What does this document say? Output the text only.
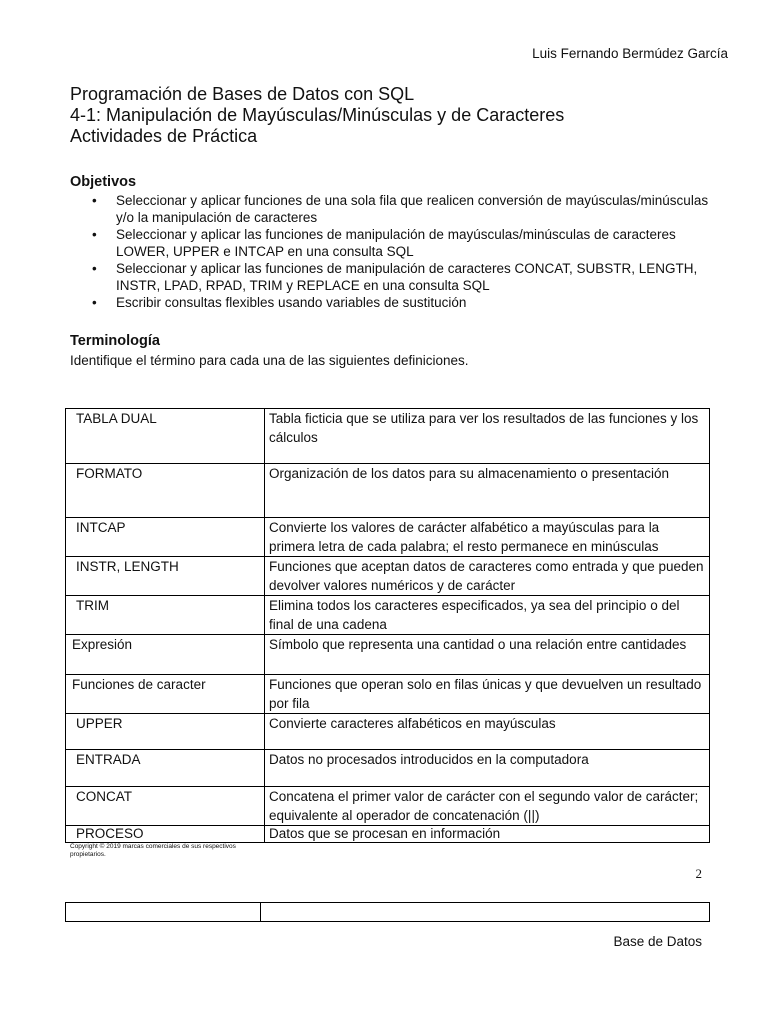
Luis Fernando Bermúdez García
Programación de Bases de Datos con SQL
4-1: Manipulación de Mayúsculas/Minúsculas y de Caracteres
Actividades de Práctica
Objetivos
• Seleccionar y aplicar funciones de una sola fila que realicen conversión de mayúsculas/minúsculas y/o la manipulación de caracteres
• Seleccionar y aplicar las funciones de manipulación de mayúsculas/minúsculas de caracteres LOWER, UPPER e INTCAP en una consulta SQL
• Seleccionar y aplicar las funciones de manipulación de caracteres CONCAT, SUBSTR, LENGTH, INSTR, LPAD, RPAD, TRIM y REPLACE en una consulta SQL
• Escribir consultas flexibles usando variables de sustitución
Terminología
Identifique el término para cada una de las siguientes definiciones.
TABLA DUAL	Tabla ficticia que se utiliza para ver los resultados de las funciones y los cálculos
FORMATO	Organización de los datos para su almacenamiento o presentación
INTCAP	Convierte los valores de carácter alfabético a mayúsculas para la primera letra de cada palabra; el resto permanece en minúsculas
INSTR, LENGTH	Funciones que aceptan datos de caracteres como entrada y que pueden devolver valores numéricos y de carácter
TRIM	Elimina todos los caracteres especificados, ya sea del principio o del final de una cadena
Expresión	Símbolo que representa una cantidad o una relación entre cantidades
Funciones de caracter	Funciones que operan solo en filas únicas y que devuelven un resultado por fila
UPPER	Convierte caracteres alfabéticos en mayúsculas
ENTRADA	Datos no procesados introducidos en la computadora
CONCAT	Concatena el primer valor de carácter con el segundo valor de carácter; equivalente al operador de concatenación (||)
PROCESO	Datos que se procesan en información
Copyright © 2019 marcas comerciales de sus respectivos propietarios.
2

Base de Datos
